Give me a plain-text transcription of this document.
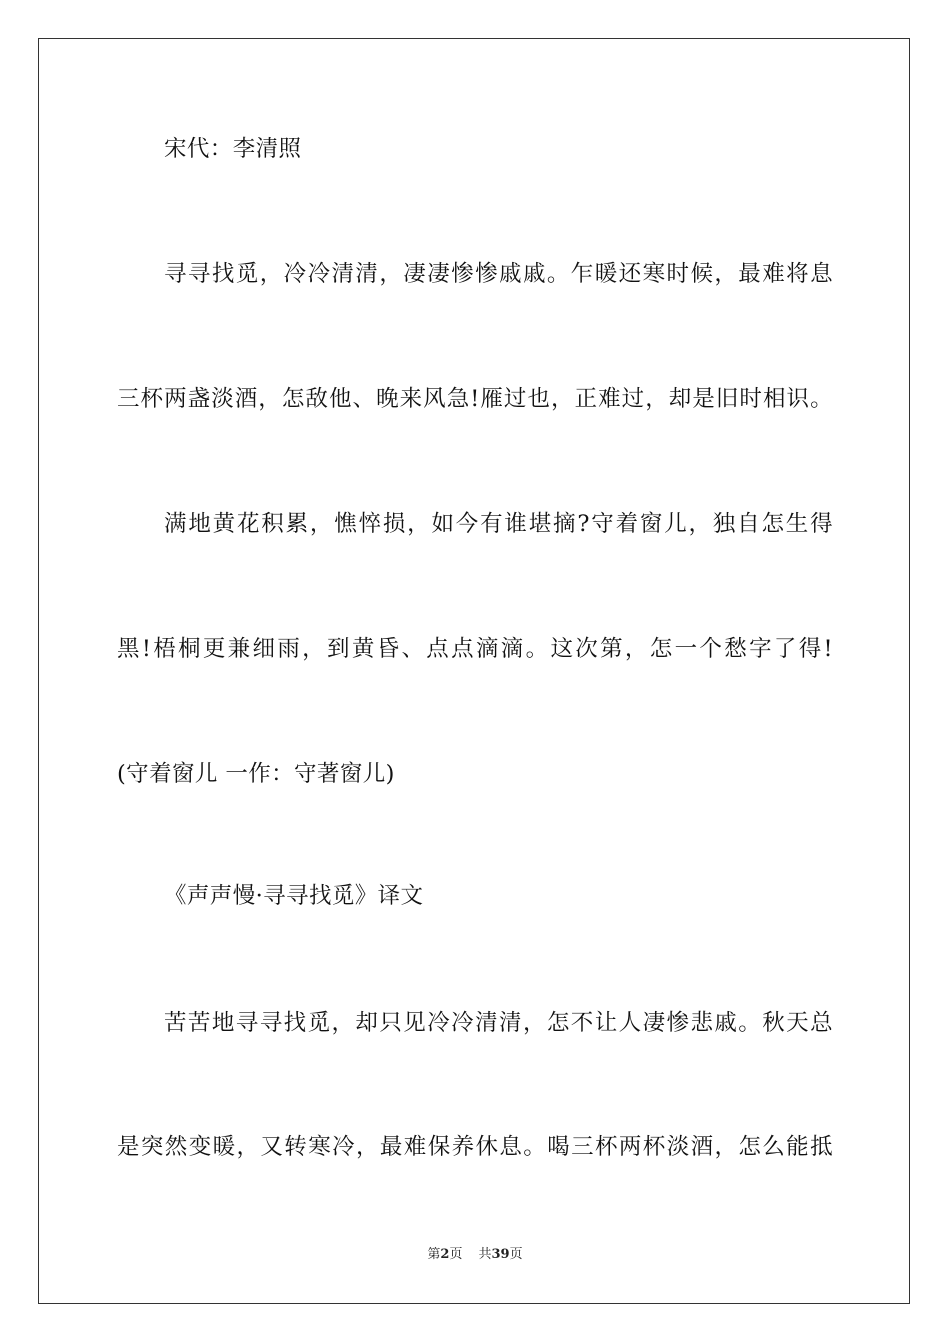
宋代：李清照
寻寻找觅，冷冷清清，凄凄惨惨戚戚。乍暖还寒时候，最难将息
三杯两盏淡酒，怎敌他、晚来风急!雁过也，正难过，却是旧时相识。
满地黄花积累，憔悴损，如今有谁堪摘?守着窗儿，独自怎生得
黑!梧桐更兼细雨，到黄昏、点点滴滴。这次第，怎一个愁字了得!
(守着窗儿 一作：守著窗儿)
《声声慢·寻寻找觅》译文
苦苦地寻寻找觅，却只见冷冷清清，怎不让人凄惨悲戚。秋天总
是突然变暖，又转寒冷，最难保养休息。喝三杯两杯淡酒，怎么能抵
第2页 共39页
